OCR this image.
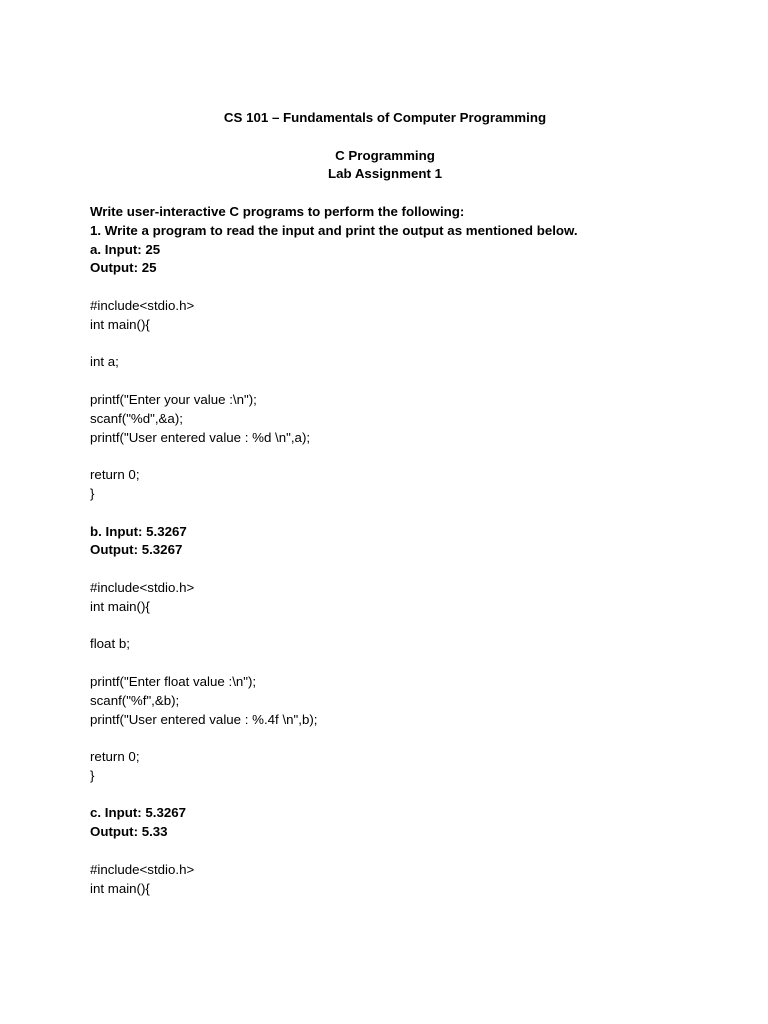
CS 101 – Fundamentals of Computer Programming
C Programming
Lab Assignment 1
Write user-interactive C programs to perform the following:
1. Write a program to read the input and print the output as mentioned below.
a. Input: 25
Output: 25
#include<stdio.h>
int main(){
int a;
printf("Enter your value :\n");
scanf("%d",&a);
printf("User entered value : %d \n",a);
return 0;
}
b. Input: 5.3267
Output: 5.3267
#include<stdio.h>
int main(){
float b;
printf("Enter float value :\n");
scanf("%f",&b);
printf("User entered value : %.4f \n",b);
return 0;
}
c. Input: 5.3267
Output: 5.33
#include<stdio.h>
int main(){
